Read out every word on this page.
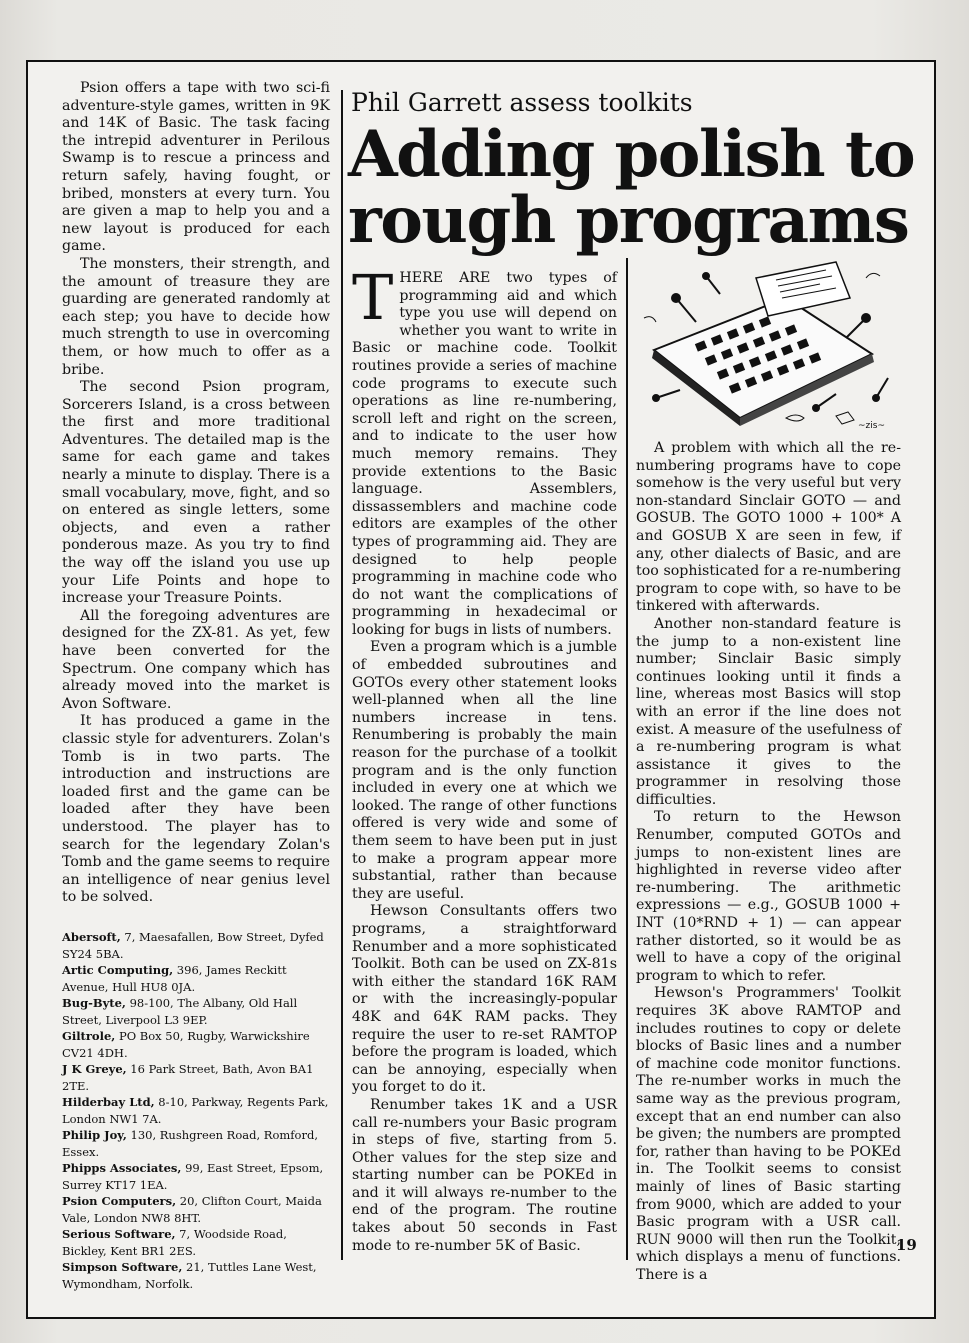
Psion offers a tape with two sci-fi adventure-style games, written in 9K and 14K of Basic. The task facing the intrepid adventurer in Perilous Swamp is to rescue a princess and return safely, having fought, or bribed, monsters at every turn. You are given a map to help you and a new layout is produced for each game.

The monsters, their strength, and the amount of treasure they are guarding are generated randomly at each step; you have to decide how much strength to use in overcoming them, or how much to offer as a bribe.

The second Psion program, Sorcerers Island, is a cross between the first and more traditional Adventures. The detailed map is the same for each game and takes nearly a minute to display. There is a small vocabulary, move, fight, and so on entered as single letters, some objects, and even a rather ponderous maze. As you try to find the way off the island you use up your Life Points and hope to increase your Treasure Points.

All the foregoing adventures are designed for the ZX-81. As yet, few have been converted for the Spectrum. One company which has already moved into the market is Avon Software.

It has produced a game in the classic style for adventurers. Zolan's Tomb is in two parts. The introduction and instructions are loaded first and the game can be loaded after they have been understood. The player has to search for the legendary Zolan's Tomb and the game seems to require an intelligence of near genius level to be solved.

Abersoft, 7, Maesafallen, Bow Street, Dyfed SY24 5BA.
Artic Computing, 396, James Reckitt Avenue, Hull HU8 0JA.
Bug-Byte, 98-100, The Albany, Old Hall Street, Liverpool L3 9EP.
Giltrole, PO Box 50, Rugby, Warwickshire CV21 4DH.
J K Greye, 16 Park Street, Bath, Avon BA1 2TE.
Hilderbay Ltd, 8-10, Parkway, Regents Park, London NW1 7A.
Philip Joy, 130, Rushgreen Road, Romford, Essex.
Phipps Associates, 99, East Street, Epsom, Surrey KT17 1EA.
Psion Computers, 20, Clifton Court, Maida Vale, London NW8 8HT.
Serious Software, 7, Woodside Road, Bickley, Kent BR1 2ES.
Simpson Software, 21, Tuttles Lane West, Wymondham, Norfolk.
Phil Garrett assess toolkits
Adding polish to
rough programs

THERE ARE two types of programming aid and which type you use will depend on whether you want to write in Basic or machine code. Toolkit routines provide a series of machine code programs to execute such operations as line re-numbering, scroll left and right on the screen, and to indicate to the user how much memory remains. They provide extentions to the Basic language. Assemblers, dissassemblers and machine code editors are examples of the other types of programming aid. They are designed to help people programming in machine code who do not want the complications of programming in hexadecimal or looking for bugs in lists of numbers.

Even a program which is a jumble of embedded subroutines and GOTOs every other statement looks well-planned when all the line numbers increase in tens. Renumbering is probably the main reason for the purchase of a toolkit program and is the only function included in every one at which we looked. The range of other functions offered is very wide and some of them seem to have been put in just to make a program appear more substantial, rather than because they are useful.

Hewson Consultants offers two programs, a straightforward Renumber and a more sophisticated Toolkit. Both can be used on ZX-81s with either the standard 16K RAM or with the increasingly-popular 48K and 64K RAM packs. They require the user to re-set RAMTOP before the program is loaded, which can be annoying, especially when you forget to do it.

Renumber takes 1K and a USR call re-numbers your Basic program in steps of five, starting from 5. Other values for the step size and starting number can be POKEd in and it will always re-number to the end of the program. The routine takes about 50 seconds in Fast mode to re-number 5K of Basic.

~zis~

A problem with which all the re-numbering programs have to cope somehow is the very useful but very non-standard Sinclair GOTO — and GOSUB. The GOTO 1000 + 100* A and GOSUB X are seen in few, if any, other dialects of Basic, and are too sophisticated for a re-numbering program to cope with, so have to be tinkered with afterwards.

Another non-standard feature is the jump to a non-existent line number; Sinclair Basic simply continues looking until it finds a line, whereas most Basics will stop with an error if the line does not exist. A measure of the usefulness of a re-numbering program is what assistance it gives to the programmer in resolving those difficulties.

To return to the Hewson Renumber, computed GOTOs and jumps to non-existent lines are highlighted in reverse video after re-numbering. The arithmetic expressions — e.g., GOSUB 1000 + INT (10*RND + 1) — can appear rather distorted, so it would be as well to have a copy of the original program to which to refer.

Hewson's Programmers' Toolkit requires 3K above RAMTOP and includes routines to copy or delete blocks of Basic lines and a number of machine code monitor functions. The re-number works in much the same way as the previous program, except that an end number can also be given; the numbers are prompted for, rather than having to be POKEd in. The Toolkit seems to consist mainly of lines of Basic starting from 9000, which are added to your Basic program with a USR call. RUN 9000 will then run the Toolkit, which displays a menu of functions. There is a

19
